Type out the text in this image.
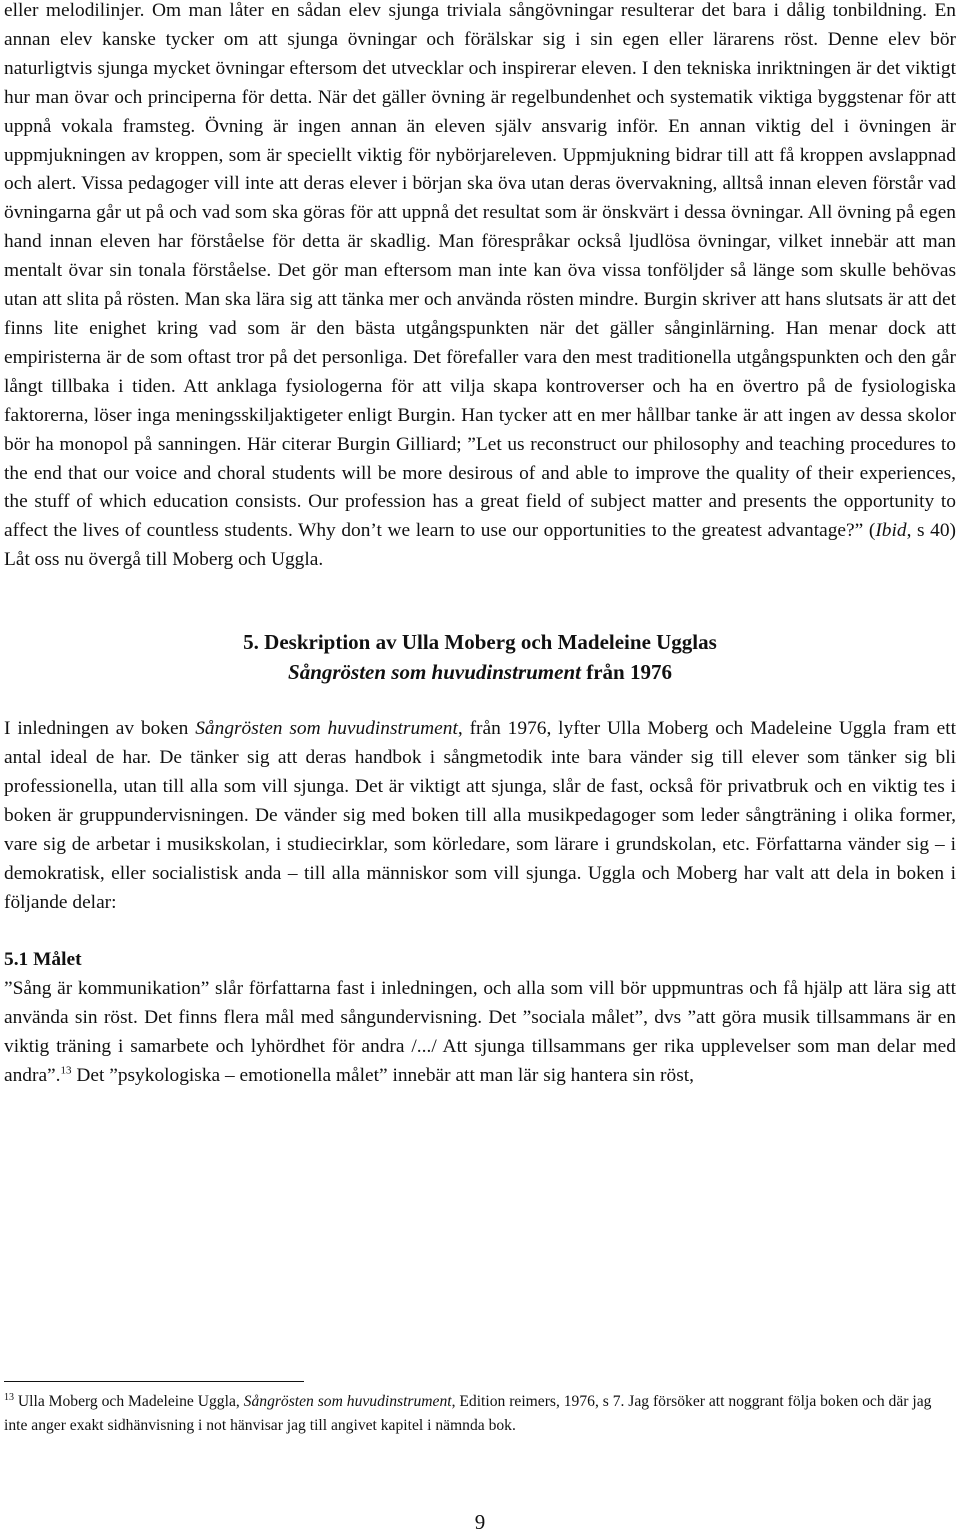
eller melodilinjer. Om man låter en sådan elev sjunga triviala sångövningar resulterar det bara i dålig tonbildning. En annan elev kanske tycker om att sjunga övningar och förälskar sig i sin egen eller lärarens röst. Denne elev bör naturligtvis sjunga mycket övningar eftersom det utvecklar och inspirerar eleven. I den tekniska inriktningen är det viktigt hur man övar och principerna för detta. När det gäller övning är regelbundenhet och systematik viktiga byggstenar för att uppnå vokala framsteg. Övning är ingen annan än eleven själv ansvarig inför. En annan viktig del i övningen är uppmjukningen av kroppen, som är speciellt viktig för nybörjareleven. Uppmjukning bidrar till att få kroppen avslappnad och alert. Vissa pedagoger vill inte att deras elever i början ska öva utan deras övervakning, alltså innan eleven förstår vad övningarna går ut på och vad som ska göras för att uppnå det resultat som är önskvärt i dessa övningar. All övning på egen hand innan eleven har förståelse för detta är skadlig. Man förespråkar också ljudlösa övningar, vilket innebär att man mentalt övar sin tonala förståelse. Det gör man eftersom man inte kan öva vissa tonföljder så länge som skulle behövas utan att slita på rösten. Man ska lära sig att tänka mer och använda rösten mindre. Burgin skriver att hans slutsats är att det finns lite enighet kring vad som är den bästa utgångspunkten när det gäller sånginlärning. Han menar dock att empiristerna är de som oftast tror på det personliga. Det förefaller vara den mest traditionella utgångspunkten och den går långt tillbaka i tiden. Att anklaga fysiologerna för att vilja skapa kontroverser och ha en övertro på de fysiologiska faktorerna, löser inga meningsskiljaktigeter enligt Burgin. Han tycker att en mer hållbar tanke är att ingen av dessa skolor bör ha monopol på sanningen. Här citerar Burgin Gilliard; ”Let us reconstruct our philosophy and teaching procedures to the end that our voice and choral students will be more desirous of and able to improve the quality of their experiences, the stuff of which education consists. Our profession has a great field of subject matter and presents the opportunity to affect the lives of countless students. Why don’t we learn to use our opportunities to the greatest advantage?” (Ibid, s 40) Låt oss nu övergå till Moberg och Uggla.

5. Deskription av Ulla Moberg och Madeleine Ugglas

Sångrösten som huvudinstrument från 1976

I inledningen av boken Sångrösten som huvudinstrument, från 1976, lyfter Ulla Moberg och Madeleine Uggla fram ett antal ideal de har. De tänker sig att deras handbok i sångmetodik inte bara vänder sig till elever som tänker sig bli professionella, utan till alla som vill sjunga. Det är viktigt att sjunga, slår de fast, också för privatbruk och en viktig tes i boken är gruppundervisningen. De vänder sig med boken till alla musikpedagoger som leder sångträning i olika former, vare sig de arbetar i musikskolan, i studiecirklar, som körledare, som lärare i grundskolan, etc. Författarna vänder sig – i demokratisk, eller socialistisk anda – till alla människor som vill sjunga. Uggla och Moberg har valt att dela in boken i följande delar:

5.1 Målet

”Sång är kommunikation” slår författarna fast i inledningen, och alla som vill bör uppmuntras och få hjälp att lära sig att använda sin röst. Det finns flera mål med sångundervisning. Det ”sociala målet”, dvs ”att göra musik tillsammans är en viktig träning i samarbete och lyhördhet för andra /.../ Att sjunga tillsammans ger rika upplevelser som man delar med andra”.$^{13}$ Det ”psykologiska – emotionella målet” innebär att man lär sig hantera sin röst,

$^{13}$ Ulla Moberg och Madeleine Uggla, Sångrösten som huvudinstrument, Edition reimers, 1976, s 7. Jag försöker att noggrant följa boken och där jag inte anger exakt sidhänvisning i not hänvisar jag till angivet kapitel i nämnda bok.
9
